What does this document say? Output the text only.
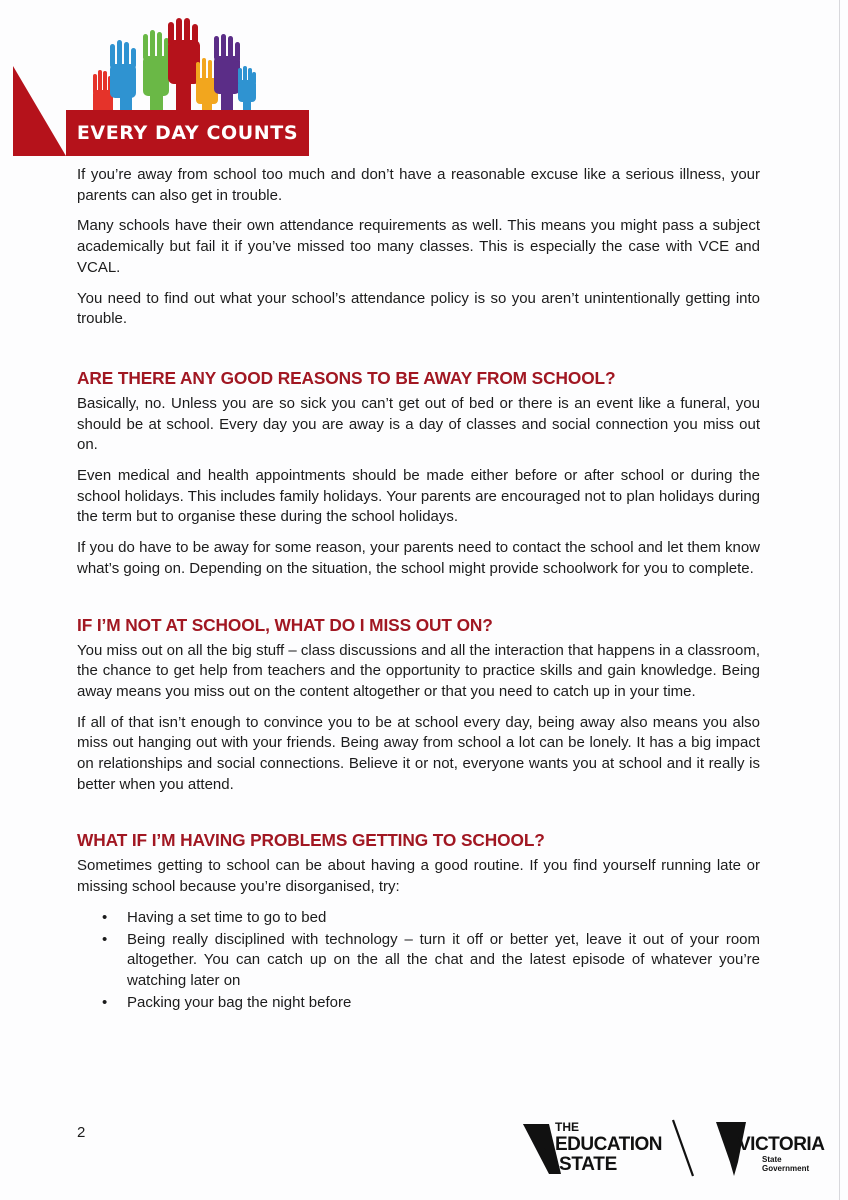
EVERY DAY COUNTS

If you’re away from school too much and don’t have a reasonable excuse like a serious illness, your parents can also get in trouble.

Many schools have their own attendance requirements as well. This means you might pass a subject academically but fail it if you’ve missed too many classes. This is especially the case with VCE and VCAL.

You need to find out what your school’s attendance policy is so you aren’t unintentionally getting into trouble.

ARE THERE ANY GOOD REASONS TO BE AWAY FROM SCHOOL?

Basically, no. Unless you are so sick you can’t get out of bed or there is an event like a funeral, you should be at school. Every day you are away is a day of classes and social connection you miss out on.

Even medical and health appointments should be made either before or after school or during the school holidays. This includes family holidays. Your parents are encouraged not to plan holidays during the term but to organise these during the school holidays.

If you do have to be away for some reason, your parents need to contact the school and let them know what’s going on. Depending on the situation, the school might provide schoolwork for you to complete.

IF I’M NOT AT SCHOOL, WHAT DO I MISS OUT ON?

You miss out on all the big stuff – class discussions and all the interaction that happens in a classroom, the chance to get help from teachers and the opportunity to practice skills and gain knowledge. Being away means you miss out on the content altogether or that you need to catch up in your time.

If all of that isn’t enough to convince you to be at school every day, being away also means you also miss out hanging out with your friends. Being away from school a lot can be lonely. It has a big impact on relationships and social connections. Believe it or not, everyone wants you at school and it really is better when you attend.

WHAT IF I’M HAVING PROBLEMS GETTING TO SCHOOL?

Sometimes getting to school can be about having a good routine. If you find yourself running late or missing school because you’re disorganised, try:

• Having a set time to go to bed
• Being really disciplined with technology – turn it off or better yet, leave it out of your room altogether. You can catch up on the all the chat and the latest episode of whatever you’re watching later on
• Packing your bag the night before
2	THE
EDUCATION
STATE
VICTORIA
State
Government
